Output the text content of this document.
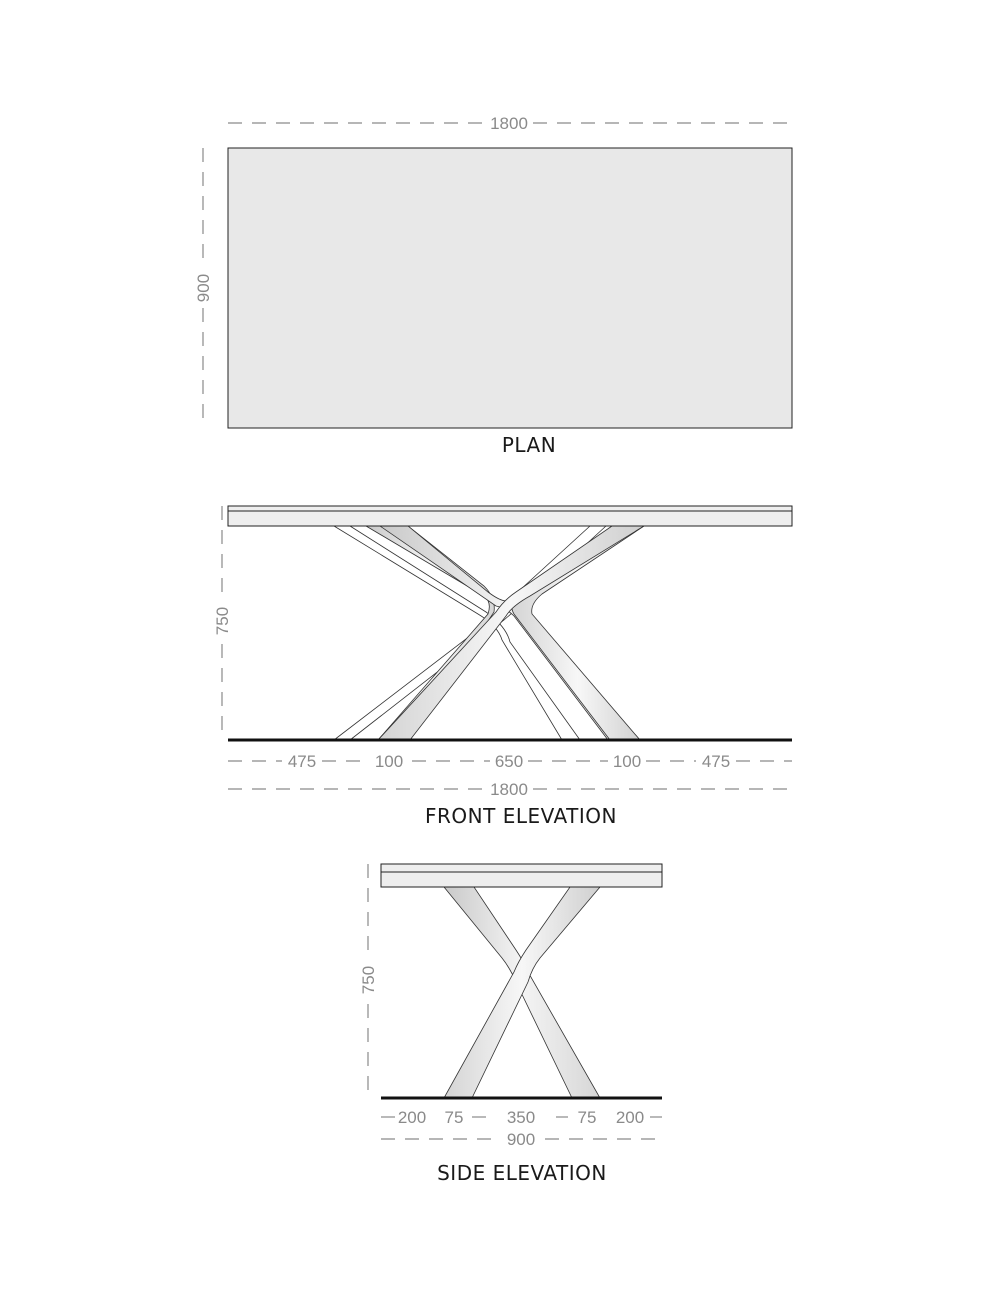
1800
900
PLAN
750
475	100	650	100	475
1800
FRONT ELEVATION
750
200 75	350 75 200
900
SIDE ELEVATION
